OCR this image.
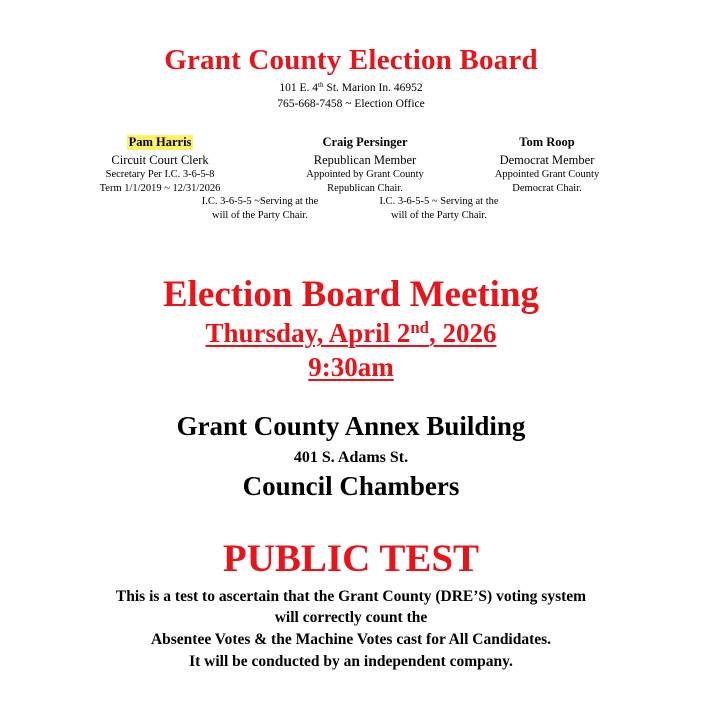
Grant County Election Board
101 E. 4th St. Marion In. 46952
765-668-7458 ~ Election Office
Pam Harris
Circuit Court Clerk
Secretary Per I.C. 3-6-5-8
Term 1/1/2019 ~ 12/31/2026
Craig Persinger
Republican Member
Appointed by Grant County
Republican Chair.
Tom Roop
Democrat Member
Appointed Grant County
Democrat Chair.
I.C. 3-6-5-5 ~Serving at the
will of the Party Chair.
I.C. 3-6-5-5 ~ Serving at the
will of the Party Chair.
Election Board Meeting
Thursday, April 2nd, 2026
9:30am
Grant County Annex Building
401 S. Adams St.
Council Chambers
PUBLIC TEST
This is a test to ascertain that the Grant County (DRE’S) voting system
will correctly count the
Absentee Votes & the Machine Votes cast for All Candidates.
It will be conducted by an independent company.
